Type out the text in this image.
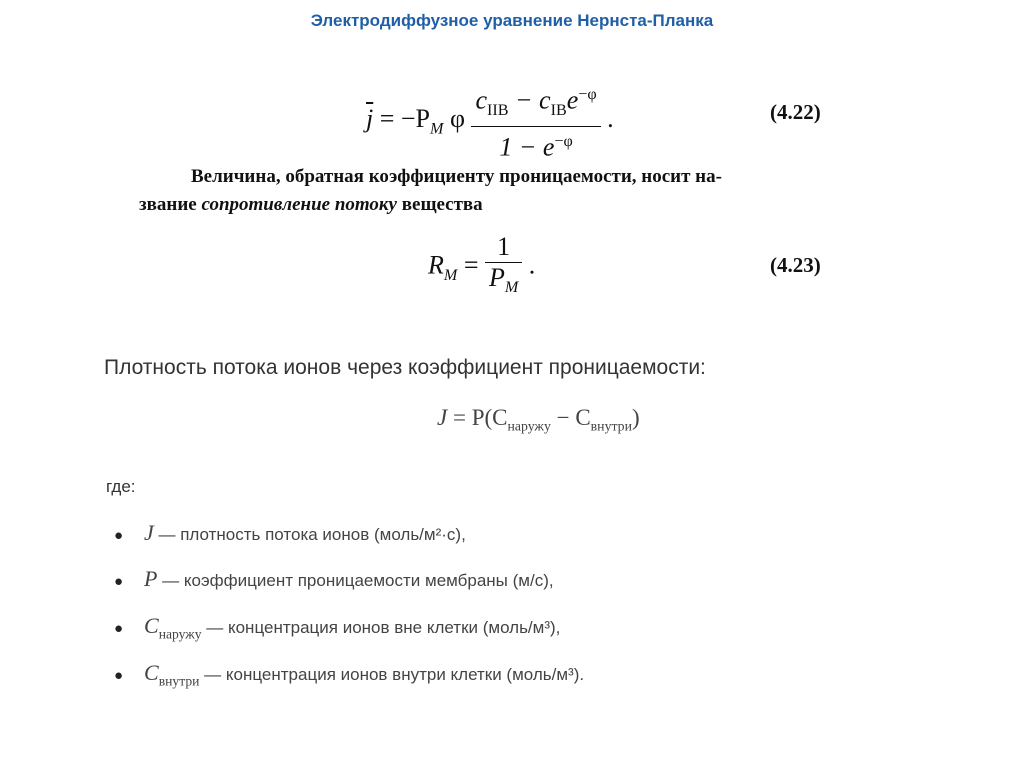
Электродиффузное уравнение Нернста-Планка
$\overline{j} = -P_М$ φ $\frac{c_{IIВ} - c_{IВ}e^{-\varphi}}{1 - e^{-\varphi}}$ .	(4.22)
Величина, обратная коэффициенту проницаемости, носит на-
звание сопротивление потоку вещества
$R_М = \frac{1}{P_М}$ .	(4.23)
Плотность потока ионов через коэффициент проницаемости:
$J = P(C_{наружу} - C_{внутри})$
где:
● J — плотность потока ионов (моль/м²·с),
● P — коэффициент проницаемости мембраны (м/с),
● $C_{наружу}$ — концентрация ионов вне клетки (моль/м³),
● $C_{внутри}$ — концентрация ионов внутри клетки (моль/м³).
